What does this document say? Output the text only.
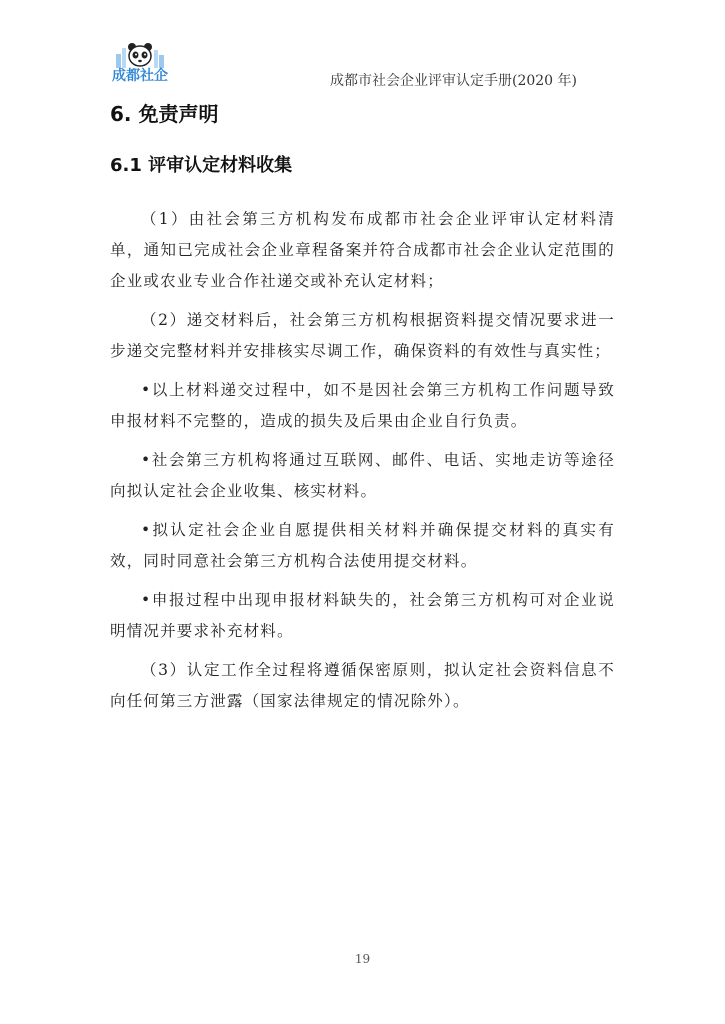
成都社企	成都市社会企业评审认定手册(2020 年)
6. 免责声明
6.1 评审认定材料收集

（1）由社会第三方机构发布成都市社会企业评审认定材料清单，通知已完成社会企业章程备案并符合成都市社会企业认定范围的企业或农业专业合作社递交或补充认定材料；

（2）递交材料后，社会第三方机构根据资料提交情况要求进一步递交完整材料并安排核实尽调工作，确保资料的有效性与真实性；

•以上材料递交过程中，如不是因社会第三方机构工作问题导致申报材料不完整的，造成的损失及后果由企业自行负责。

•社会第三方机构将通过互联网、邮件、电话、实地走访等途径向拟认定社会企业收集、核实材料。

•拟认定社会企业自愿提供相关材料并确保提交材料的真实有效，同时同意社会第三方机构合法使用提交材料。

•申报过程中出现申报材料缺失的，社会第三方机构可对企业说明情况并要求补充材料。

（3）认定工作全过程将遵循保密原则，拟认定社会资料信息不向任何第三方泄露（国家法律规定的情况除外）。

19
